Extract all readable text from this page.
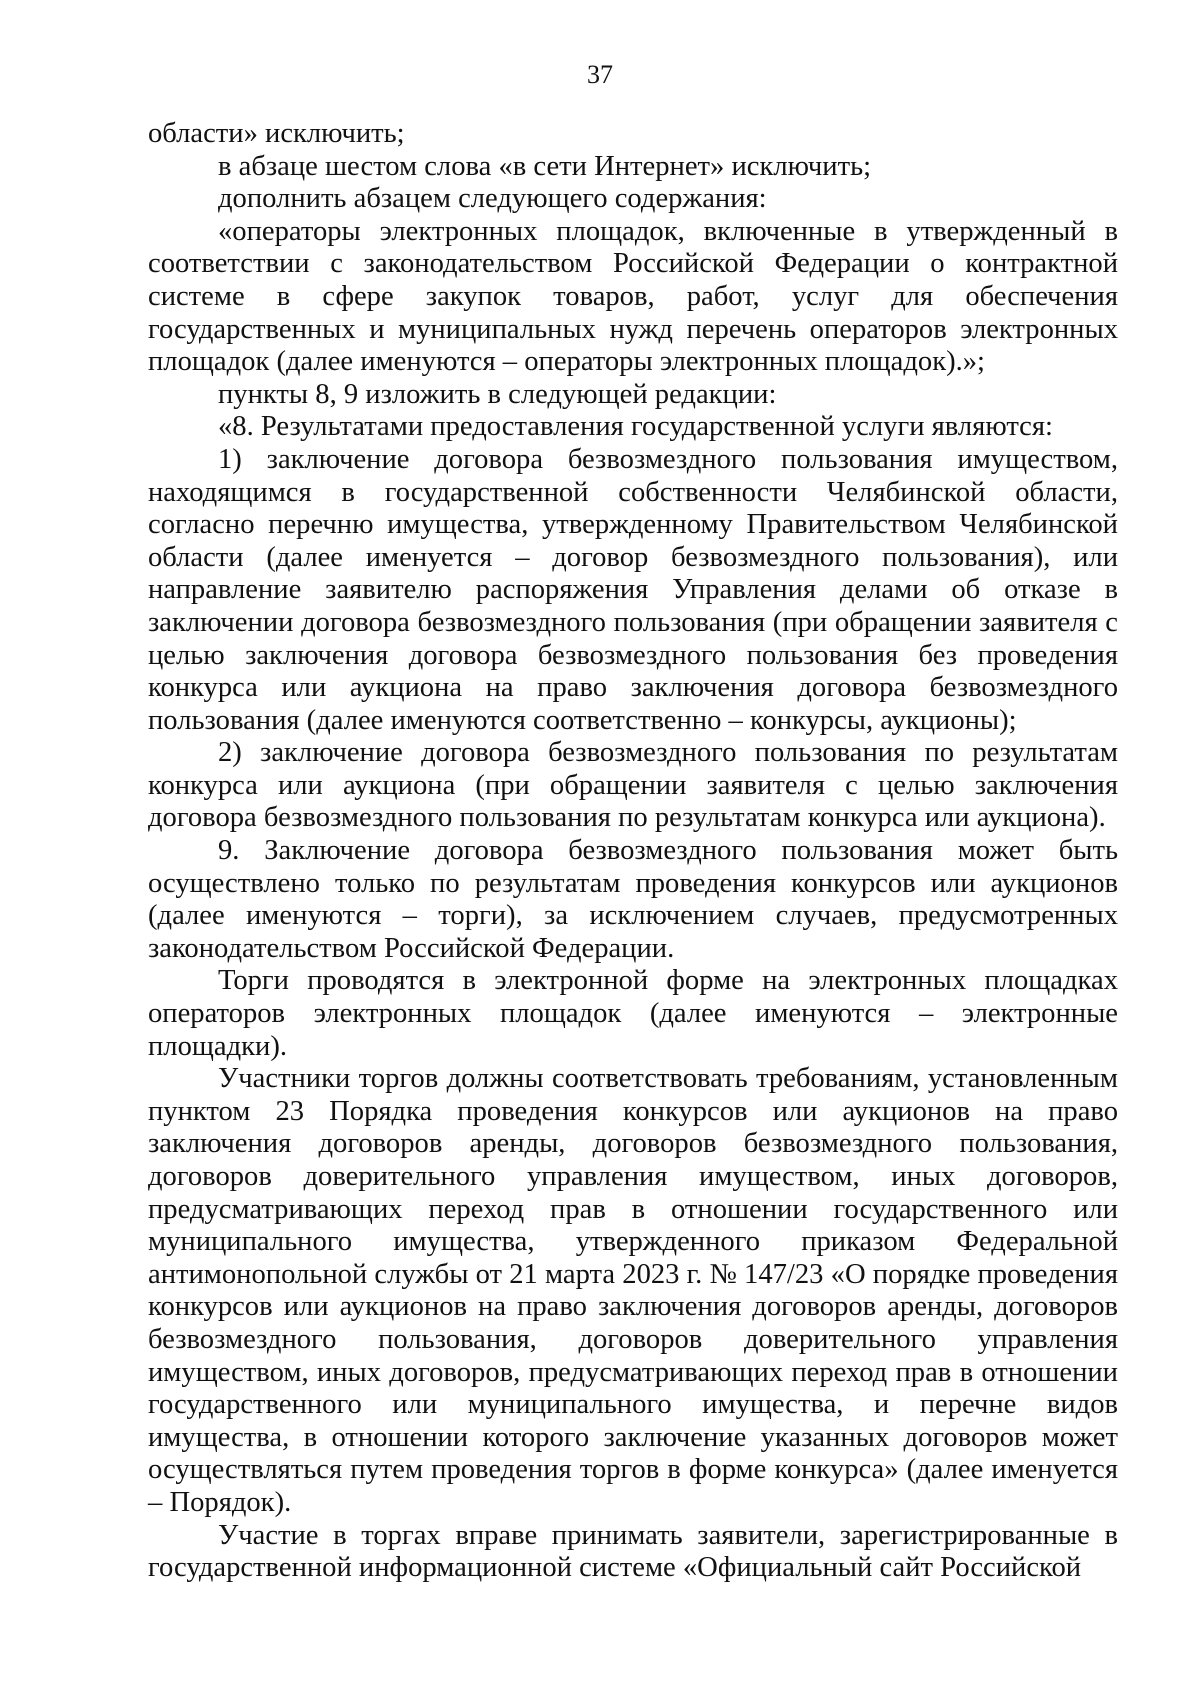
37

области» исключить;

в абзаце шестом слова «в сети Интернет» исключить;

дополнить абзацем следующего содержания:

«операторы электронных площадок, включенные в утвержденный в соответствии с законодательством Российской Федерации о контрактной системе в сфере закупок товаров, работ, услуг для обеспечения государственных и муниципальных нужд перечень операторов электронных площадок (далее именуются – операторы электронных площадок).»;

пункты 8, 9 изложить в следующей редакции:

«8. Результатами предоставления государственной услуги являются:

1) заключение договора безвозмездного пользования имуществом, находящимся в государственной собственности Челябинской области, согласно перечню имущества, утвержденному Правительством Челябинской области (далее именуется – договор безвозмездного пользования), или направление заявителю распоряжения Управления делами об отказе в заключении договора безвозмездного пользования (при обращении заявителя с целью заключения договора безвозмездного пользования без проведения конкурса или аукциона на право заключения договора безвозмездного пользования (далее именуются соответственно – конкурсы, аукционы);

2) заключение договора безвозмездного пользования по результатам конкурса или аукциона (при обращении заявителя с целью заключения договора безвозмездного пользования по результатам конкурса или аукциона).

9. Заключение договора безвозмездного пользования может быть осуществлено только по результатам проведения конкурсов или аукционов (далее именуются – торги), за исключением случаев, предусмотренных законодательством Российской Федерации.

Торги проводятся в электронной форме на электронных площадках операторов электронных площадок (далее именуются – электронные площадки).

Участники торгов должны соответствовать требованиям, установленным пунктом 23 Порядка проведения конкурсов или аукционов на право заключения договоров аренды, договоров безвозмездного пользования, договоров доверительного управления имуществом, иных договоров, предусматривающих переход прав в отношении государственного или муниципального имущества, утвержденного приказом Федеральной антимонопольной службы от 21 марта 2023 г. № 147/23 «О порядке проведения конкурсов или аукционов на право заключения договоров аренды, договоров безвозмездного пользования, договоров доверительного управления имуществом, иных договоров, предусматривающих переход прав в отношении государственного или муниципального имущества, и перечне видов имущества, в отношении которого заключение указанных договоров может осуществляться путем проведения торгов в форме конкурса» (далее именуется – Порядок).

Участие в торгах вправе принимать заявители, зарегистрированные в государственной информационной системе «Официальный сайт Российской
